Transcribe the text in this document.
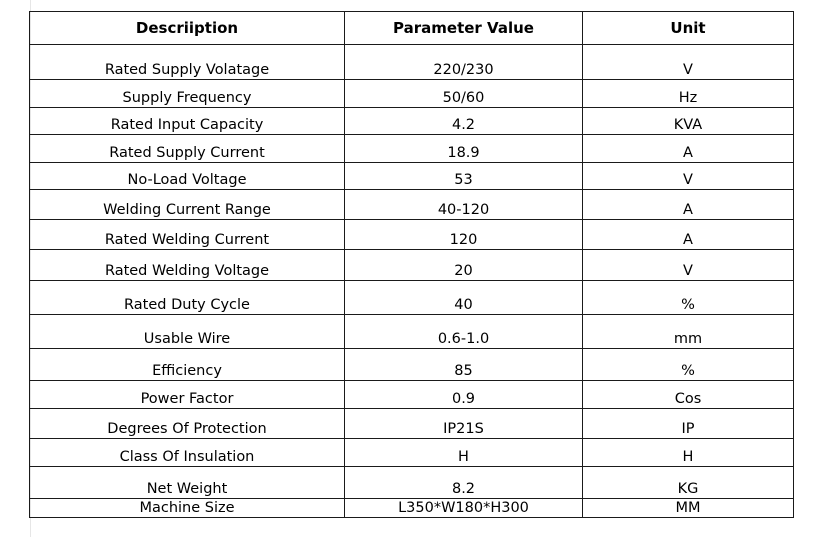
Descriiption	Parameter Value	Unit
Rated Supply Volatage	220/230	V
Supply Frequency	50/60	Hz
Rated Input Capacity	4.2	KVA
Rated Supply Current	18.9	A
No-Load Voltage	53	V
Welding Current Range	40-120	A
Rated Welding Current	120	A
Rated Welding Voltage	20	V
Rated Duty Cycle	40	%
Usable Wire	0.6-1.0	mm
Efficiency	85	%
Power Factor	0.9	Cos
Degrees Of Protection	IP21S	IP
Class Of Insulation	H	H
Net Weight	8.2	KG
Machine Size	L350*W180*H300	MM
